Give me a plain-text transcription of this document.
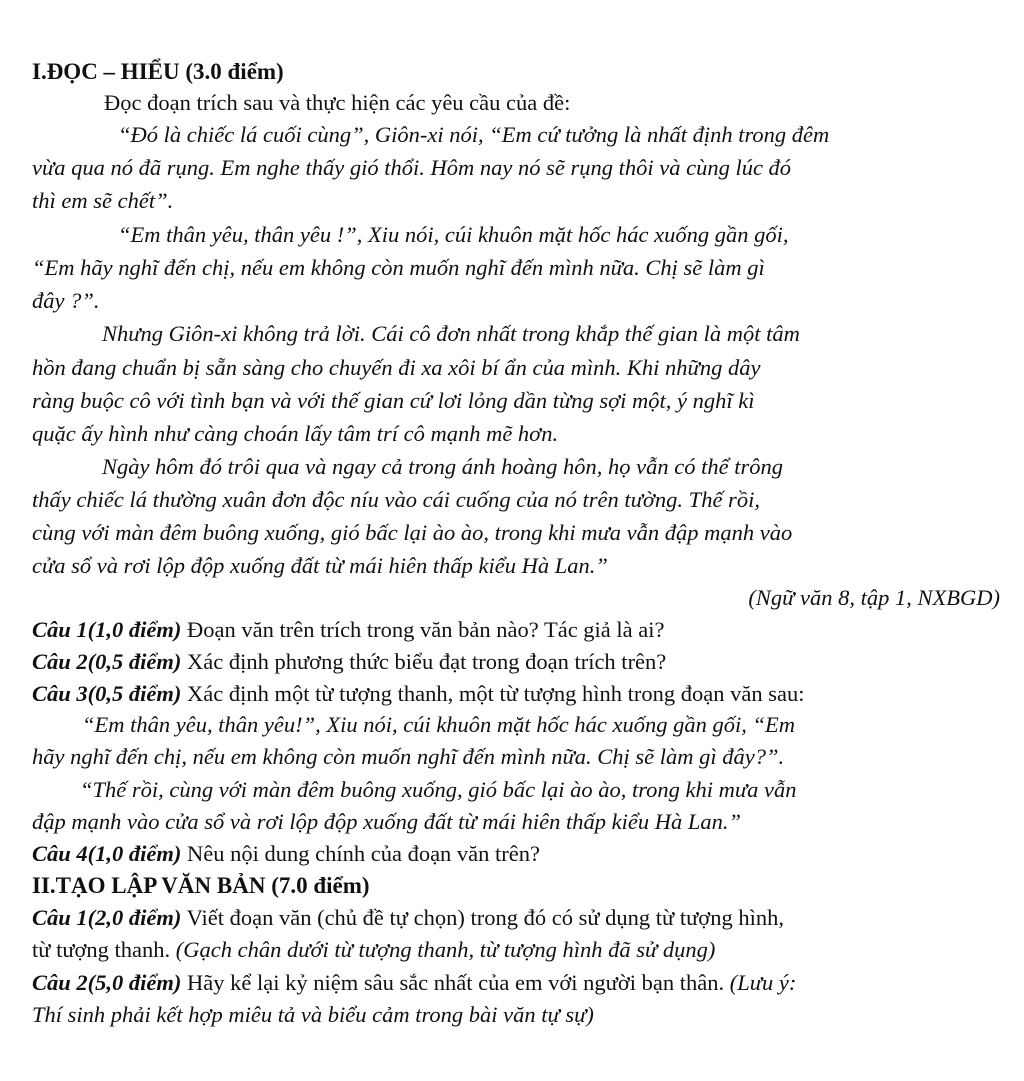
I.ĐỌC – HIỂU (3.0 điểm)
Đọc đoạn trích sau và thực hiện các yêu cầu của đề:
“Đó là chiếc lá cuối cùng”, Giôn-xi nói, “Em cứ tưởng là nhất định trong đêm
vừa qua nó đã rụng. Em nghe thấy gió thổi. Hôm nay nó sẽ rụng thôi và cùng lúc đó
thì em sẽ chết”.
“Em thân yêu, thân yêu !”, Xiu nói, cúi khuôn mặt hốc hác xuống gần gối,
“Em hãy nghĩ đến chị, nếu em không còn muốn nghĩ đến mình nữa. Chị sẽ làm gì
đây ?”.
Nhưng Giôn-xi không trả lời. Cái cô đơn nhất trong khắp thế gian là một tâm
hồn đang chuẩn bị sẵn sàng cho chuyến đi xa xôi bí ẩn của mình. Khi những dây
ràng buộc cô với tình bạn và với thế gian cứ lơi lỏng dần từng sợi một, ý nghĩ kì
quặc ấy hình như càng choán lấy tâm trí cô mạnh mẽ hơn.
Ngày hôm đó trôi qua và ngay cả trong ánh hoàng hôn, họ vẫn có thể trông
thấy chiếc lá thường xuân đơn độc níu vào cái cuống của nó trên tường. Thế rồi,
cùng với màn đêm buông xuống, gió bấc lại ào ào, trong khi mưa vẫn đập mạnh vào
cửa sổ và rơi lộp độp xuống đất từ mái hiên thấp kiểu Hà Lan.”
(Ngữ văn 8, tập 1, NXBGD)
Câu 1(1,0 điểm) Đoạn văn trên trích trong văn bản nào? Tác giả là ai?
Câu 2(0,5 điểm) Xác định phương thức biểu đạt trong đoạn trích trên?
Câu 3(0,5 điểm) Xác định một từ tượng thanh, một từ tượng hình trong đoạn văn sau:
“Em thân yêu, thân yêu!”, Xiu nói, cúi khuôn mặt hốc hác xuống gần gối, “Em
hãy nghĩ đến chị, nếu em không còn muốn nghĩ đến mình nữa. Chị sẽ làm gì đây?”.
“Thế rồi, cùng với màn đêm buông xuống, gió bấc lại ào ào, trong khi mưa vẫn
đập mạnh vào cửa sổ và rơi lộp độp xuống đất từ mái hiên thấp kiểu Hà Lan.”
Câu 4(1,0 điểm) Nêu nội dung chính của đoạn văn trên?
II.TẠO LẬP VĂN BẢN (7.0 điểm)
Câu 1(2,0 điểm) Viết đoạn văn (chủ đề tự chọn) trong đó có sử dụng từ tượng hình,
từ tượng thanh. (Gạch chân dưới từ tượng thanh, từ tượng hình đã sử dụng)
Câu 2(5,0 điểm) Hãy kể lại kỷ niệm sâu sắc nhất của em với người bạn thân. (Lưu ý:
Thí sinh phải kết hợp miêu tả và biểu cảm trong bài văn tự sự)
